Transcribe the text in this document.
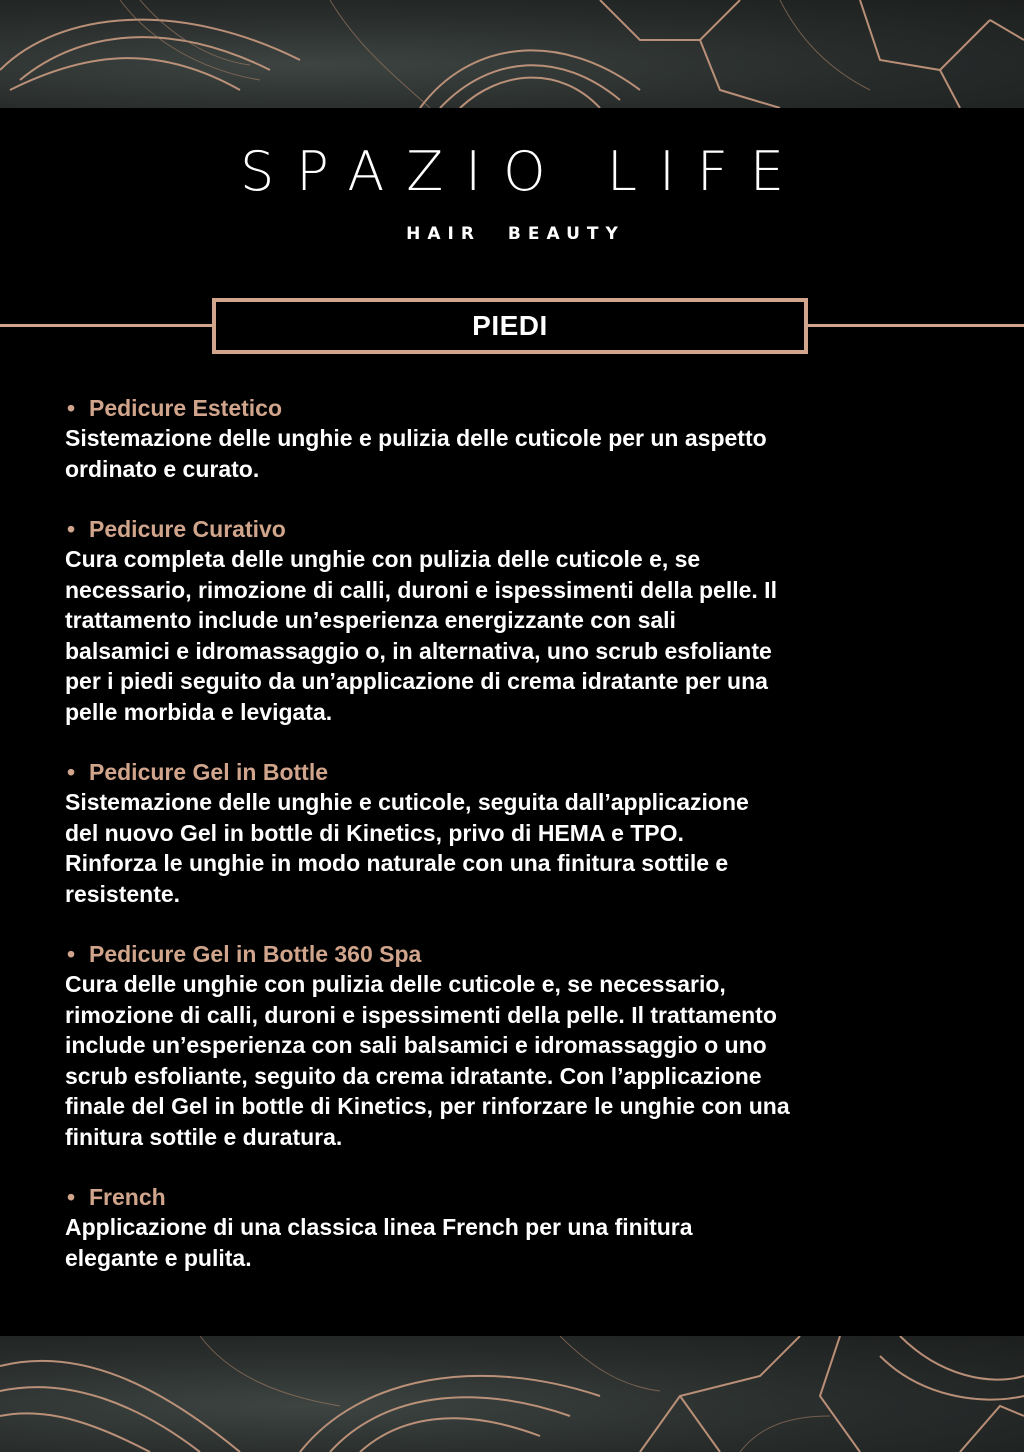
SPAZIO LIFE
HAIR BEAUTY
PIEDI
• Pedicure Estetico

Sistemazione delle unghie e pulizia delle cuticole per un aspetto
ordinato e curato.

• Pedicure Curativo

Cura completa delle unghie con pulizia delle cuticole e, se
necessario, rimozione di calli, duroni e ispessimenti della pelle. Il
trattamento include un’esperienza energizzante con sali
balsamici e idromassaggio o, in alternativa, uno scrub esfoliante
per i piedi seguito da un’applicazione di crema idratante per una
pelle morbida e levigata.

• Pedicure Gel in Bottle

Sistemazione delle unghie e cuticole, seguita dall’applicazione
del nuovo Gel in bottle di Kinetics, privo di HEMA e TPO.
Rinforza le unghie in modo naturale con una finitura sottile e
resistente.

• Pedicure Gel in Bottle 360 Spa

Cura delle unghie con pulizia delle cuticole e, se necessario,
rimozione di calli, duroni e ispessimenti della pelle. Il trattamento
include un’esperienza con sali balsamici e idromassaggio o uno
scrub esfoliante, seguito da crema idratante. Con l’applicazione
finale del Gel in bottle di Kinetics, per rinforzare le unghie con una
finitura sottile e duratura.

• French

Applicazione di una classica linea French per una finitura
elegante e pulita.
